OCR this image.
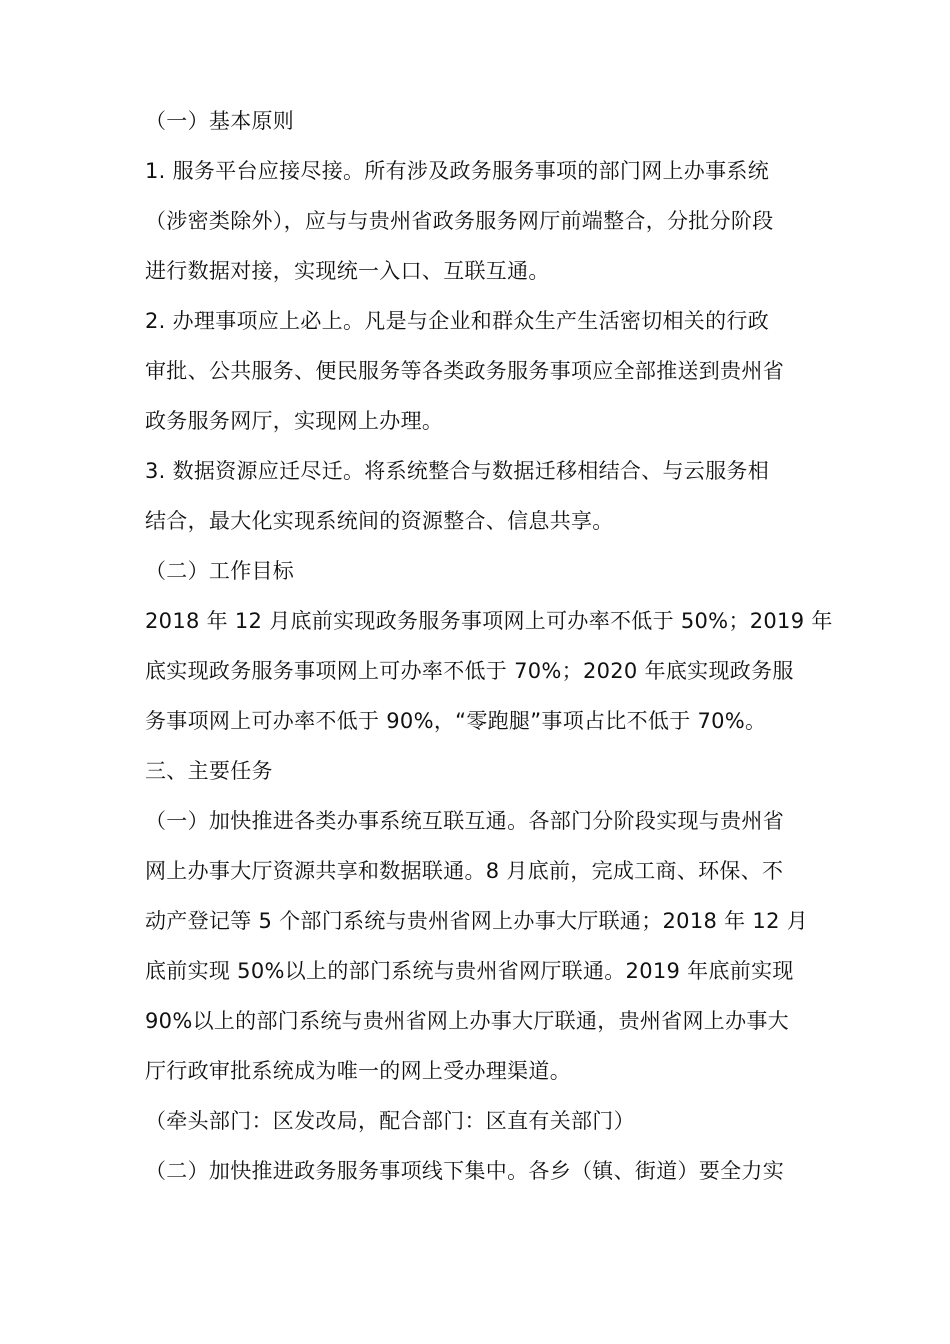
（一）基本原则
1. 服务平台应接尽接。所有涉及政务服务事项的部门网上办事系统
（涉密类除外），应与与贵州省政务服务网厅前端整合，分批分阶段
进行数据对接，实现统一入口、互联互通。
2. 办理事项应上必上。凡是与企业和群众生产生活密切相关的行政
审批、公共服务、便民服务等各类政务服务事项应全部推送到贵州省
政务服务网厅，实现网上办理。
3. 数据资源应迁尽迁。将系统整合与数据迁移相结合、与云服务相
结合，最大化实现系统间的资源整合、信息共享。
（二）工作目标
2018 年 12 月底前实现政务服务事项网上可办率不低于 50%；2019 年
底实现政务服务事项网上可办率不低于 70%；2020 年底实现政务服
务事项网上可办率不低于 90%，“零跑腿”事项占比不低于 70%。
三、主要任务
（一）加快推进各类办事系统互联互通。各部门分阶段实现与贵州省
网上办事大厅资源共享和数据联通。8 月底前，完成工商、环保、不
动产登记等 5 个部门系统与贵州省网上办事大厅联通；2018 年 12 月
底前实现 50%以上的部门系统与贵州省网厅联通。2019 年底前实现
90%以上的部门系统与贵州省网上办事大厅联通，贵州省网上办事大
厅行政审批系统成为唯一的网上受办理渠道。
（牵头部门：区发改局，配合部门：区直有关部门）
（二）加快推进政务服务事项线下集中。各乡（镇、街道）要全力实
